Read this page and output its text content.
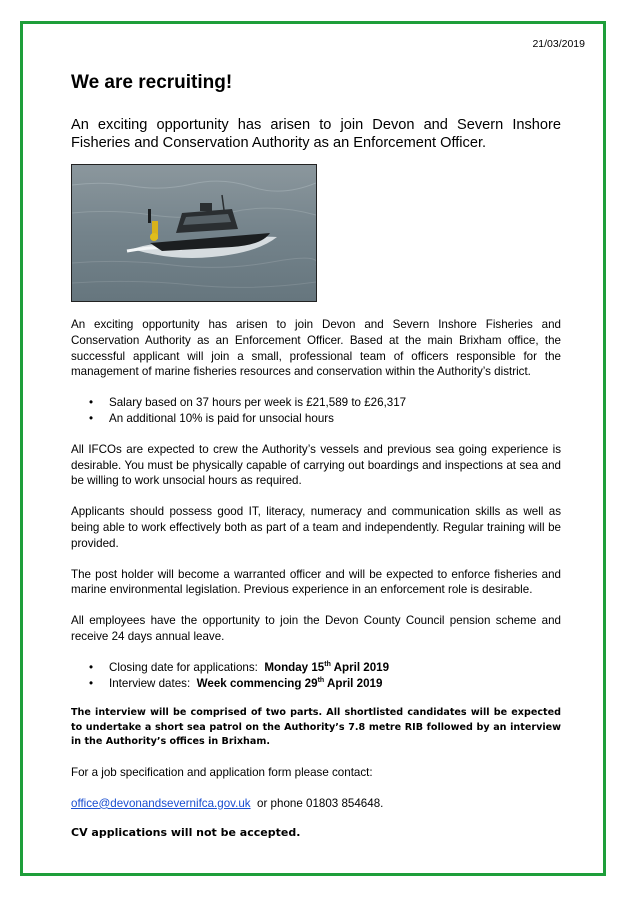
21/03/2019
We are recruiting!

An exciting opportunity has arisen to join Devon and Severn Inshore Fisheries and Conservation Authority as an Enforcement Officer.

An exciting opportunity has arisen to join Devon and Severn Inshore Fisheries and Conservation Authority as an Enforcement Officer. Based at the main Brixham office, the successful applicant will join a small, professional team of officers responsible for the management of marine fisheries resources and conservation within the Authority’s district.

• Salary based on 37 hours per week is £21,589 to £26,317
• An additional 10% is paid for unsocial hours

All IFCOs are expected to crew the Authority’s vessels and previous sea going experience is desirable. You must be physically capable of carrying out boardings and inspections at sea and be willing to work unsocial hours as required.

Applicants should possess good IT, literacy, numeracy and communication skills as well as being able to work effectively both as part of a team and independently. Regular training will be provided.

The post holder will become a warranted officer and will be expected to enforce fisheries and marine environmental legislation. Previous experience in an enforcement role is desirable.

All employees have the opportunity to join the Devon County Council pension scheme and receive 24 days annual leave.

• Closing date for applications: Monday 15th April 2019
• Interview dates: Week commencing 29th April 2019

The interview will be comprised of two parts. All shortlisted candidates will be expected to undertake a short sea patrol on the Authority’s 7.8 metre RIB followed by an interview in the Authority’s offices in Brixham.

For a job specification and application form please contact:

office@devonandsevernifca.gov.uk or phone 01803 854648.

CV applications will not be accepted.
